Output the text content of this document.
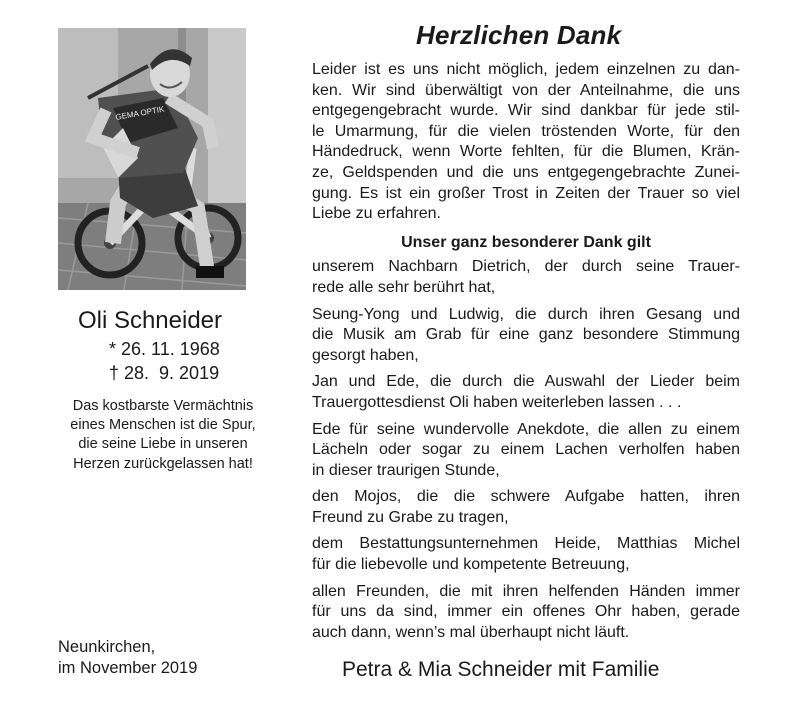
GEMA OPTIK
Oli Schneider
* 26. 11. 1968
† 28.  9. 2019
Das kostbarste Vermächtnis
eines Menschen ist die Spur,
die seine Liebe in unseren
Herzen zurückgelassen hat!
Neunkirchen,
im November 2019
Herzlichen Dank
Leider ist es uns nicht möglich, jedem einzelnen zu dan-
ken. Wir sind überwältigt von der Anteilnahme, die uns
entgegengebracht wurde. Wir sind dankbar für jede stil-
le Umarmung, für die vielen tröstenden Worte, für den
Händedruck, wenn Worte fehlten, für die Blumen, Krän-
ze, Geldspenden und die uns entgegengebrachte Zunei-
gung. Es ist ein großer Trost in Zeiten der Trauer so viel
Liebe zu erfahren.
Unser ganz besonderer Dank gilt
unserem Nachbarn Dietrich, der durch seine Trauer-
rede alle sehr berührt hat,
Seung-Yong und Ludwig, die durch ihren Gesang und
die Musik am Grab für eine ganz besondere Stimmung
gesorgt haben,
Jan und Ede, die durch die Auswahl der Lieder beim
Trauergottesdienst Oli haben weiterleben lassen . . .
Ede für seine wundervolle Anekdote, die allen zu einem
Lächeln oder sogar zu einem Lachen verholfen haben
in dieser traurigen Stunde,
den Mojos, die die schwere Aufgabe hatten, ihren
Freund zu Grabe zu tragen,
dem Bestattungsunternehmen Heide, Matthias Michel
für die liebevolle und kompetente Betreuung,
allen Freunden, die mit ihren helfenden Händen immer
für uns da sind, immer ein offenes Ohr haben, gerade
auch dann, wenn’s mal überhaupt nicht läuft.
Petra & Mia Schneider mit Familie
